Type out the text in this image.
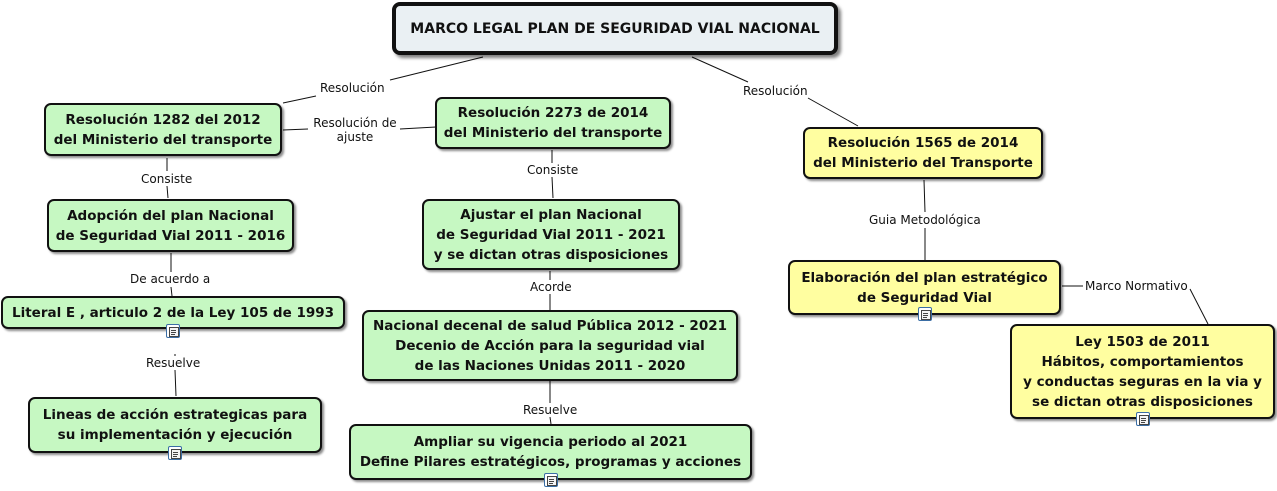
MARCO LEGAL PLAN DE SEGURIDAD VIAL NACIONAL
Resolución 1282 del 2012
del Ministerio del transporte
Adopción del plan Nacional
de Seguridad Vial 2011 - 2016
Literal E , articulo 2 de la Ley 105 de 1993
Lineas de acción estrategicas para
su implementación y ejecución
Resolución 2273 de 2014
del Ministerio del transporte
Ajustar el plan Nacional
de Seguridad Vial 2011 - 2021
y se dictan otras disposiciones
Nacional decenal de salud Pública 2012 - 2021
Decenio de Acción para la seguridad vial
de las Naciones Unidas 2011 - 2020
Ampliar su vigencia periodo al 2021
Define Pilares estratégicos, programas y acciones
Resolución 1565 de 2014
del Ministerio del Transporte
Elaboración del plan estratégico
de Seguridad Vial
Ley 1503 de 2011
Hábitos, comportamientos
y conductas seguras en la via y
se dictan otras disposiciones
Resolución	Resolución
Resolución de
ajuste
Consiste
De acuerdo a
Resuelve
Consiste
Acorde
Resuelve
Guia Metodológica
Marco Normativo
